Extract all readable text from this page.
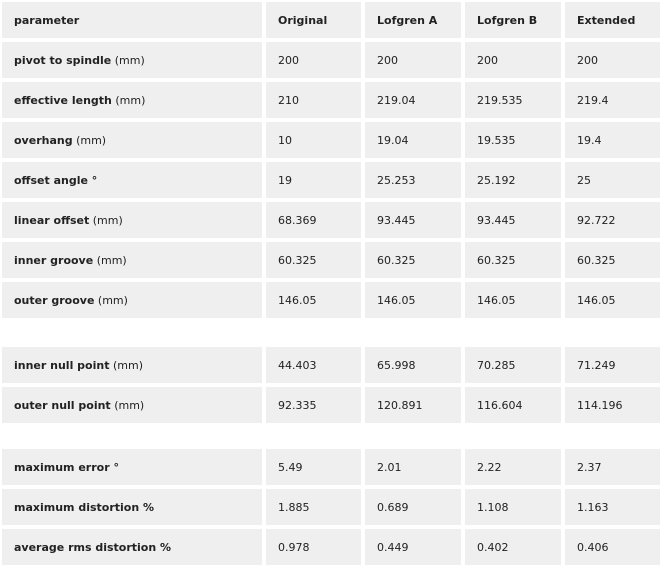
parameter	Original	Lofgren A	Lofgren B	Extended
pivot to spindle (mm)	200	200	200	200
effective length (mm)	210	219.04	219.535	219.4
overhang (mm)	10	19.04	19.535	19.4
offset angle °	19	25.253	25.192	25
linear offset (mm)	68.369	93.445	93.445	92.722
inner groove (mm)	60.325	60.325	60.325	60.325
outer groove (mm)	146.05	146.05	146.05	146.05
inner null point (mm)	44.403	65.998	70.285	71.249
outer null point (mm)	92.335	120.891	116.604	114.196
maximum error °	5.49	2.01	2.22	2.37
maximum distortion %	1.885	0.689	1.108	1.163
average rms distortion %	0.978	0.449	0.402	0.406
